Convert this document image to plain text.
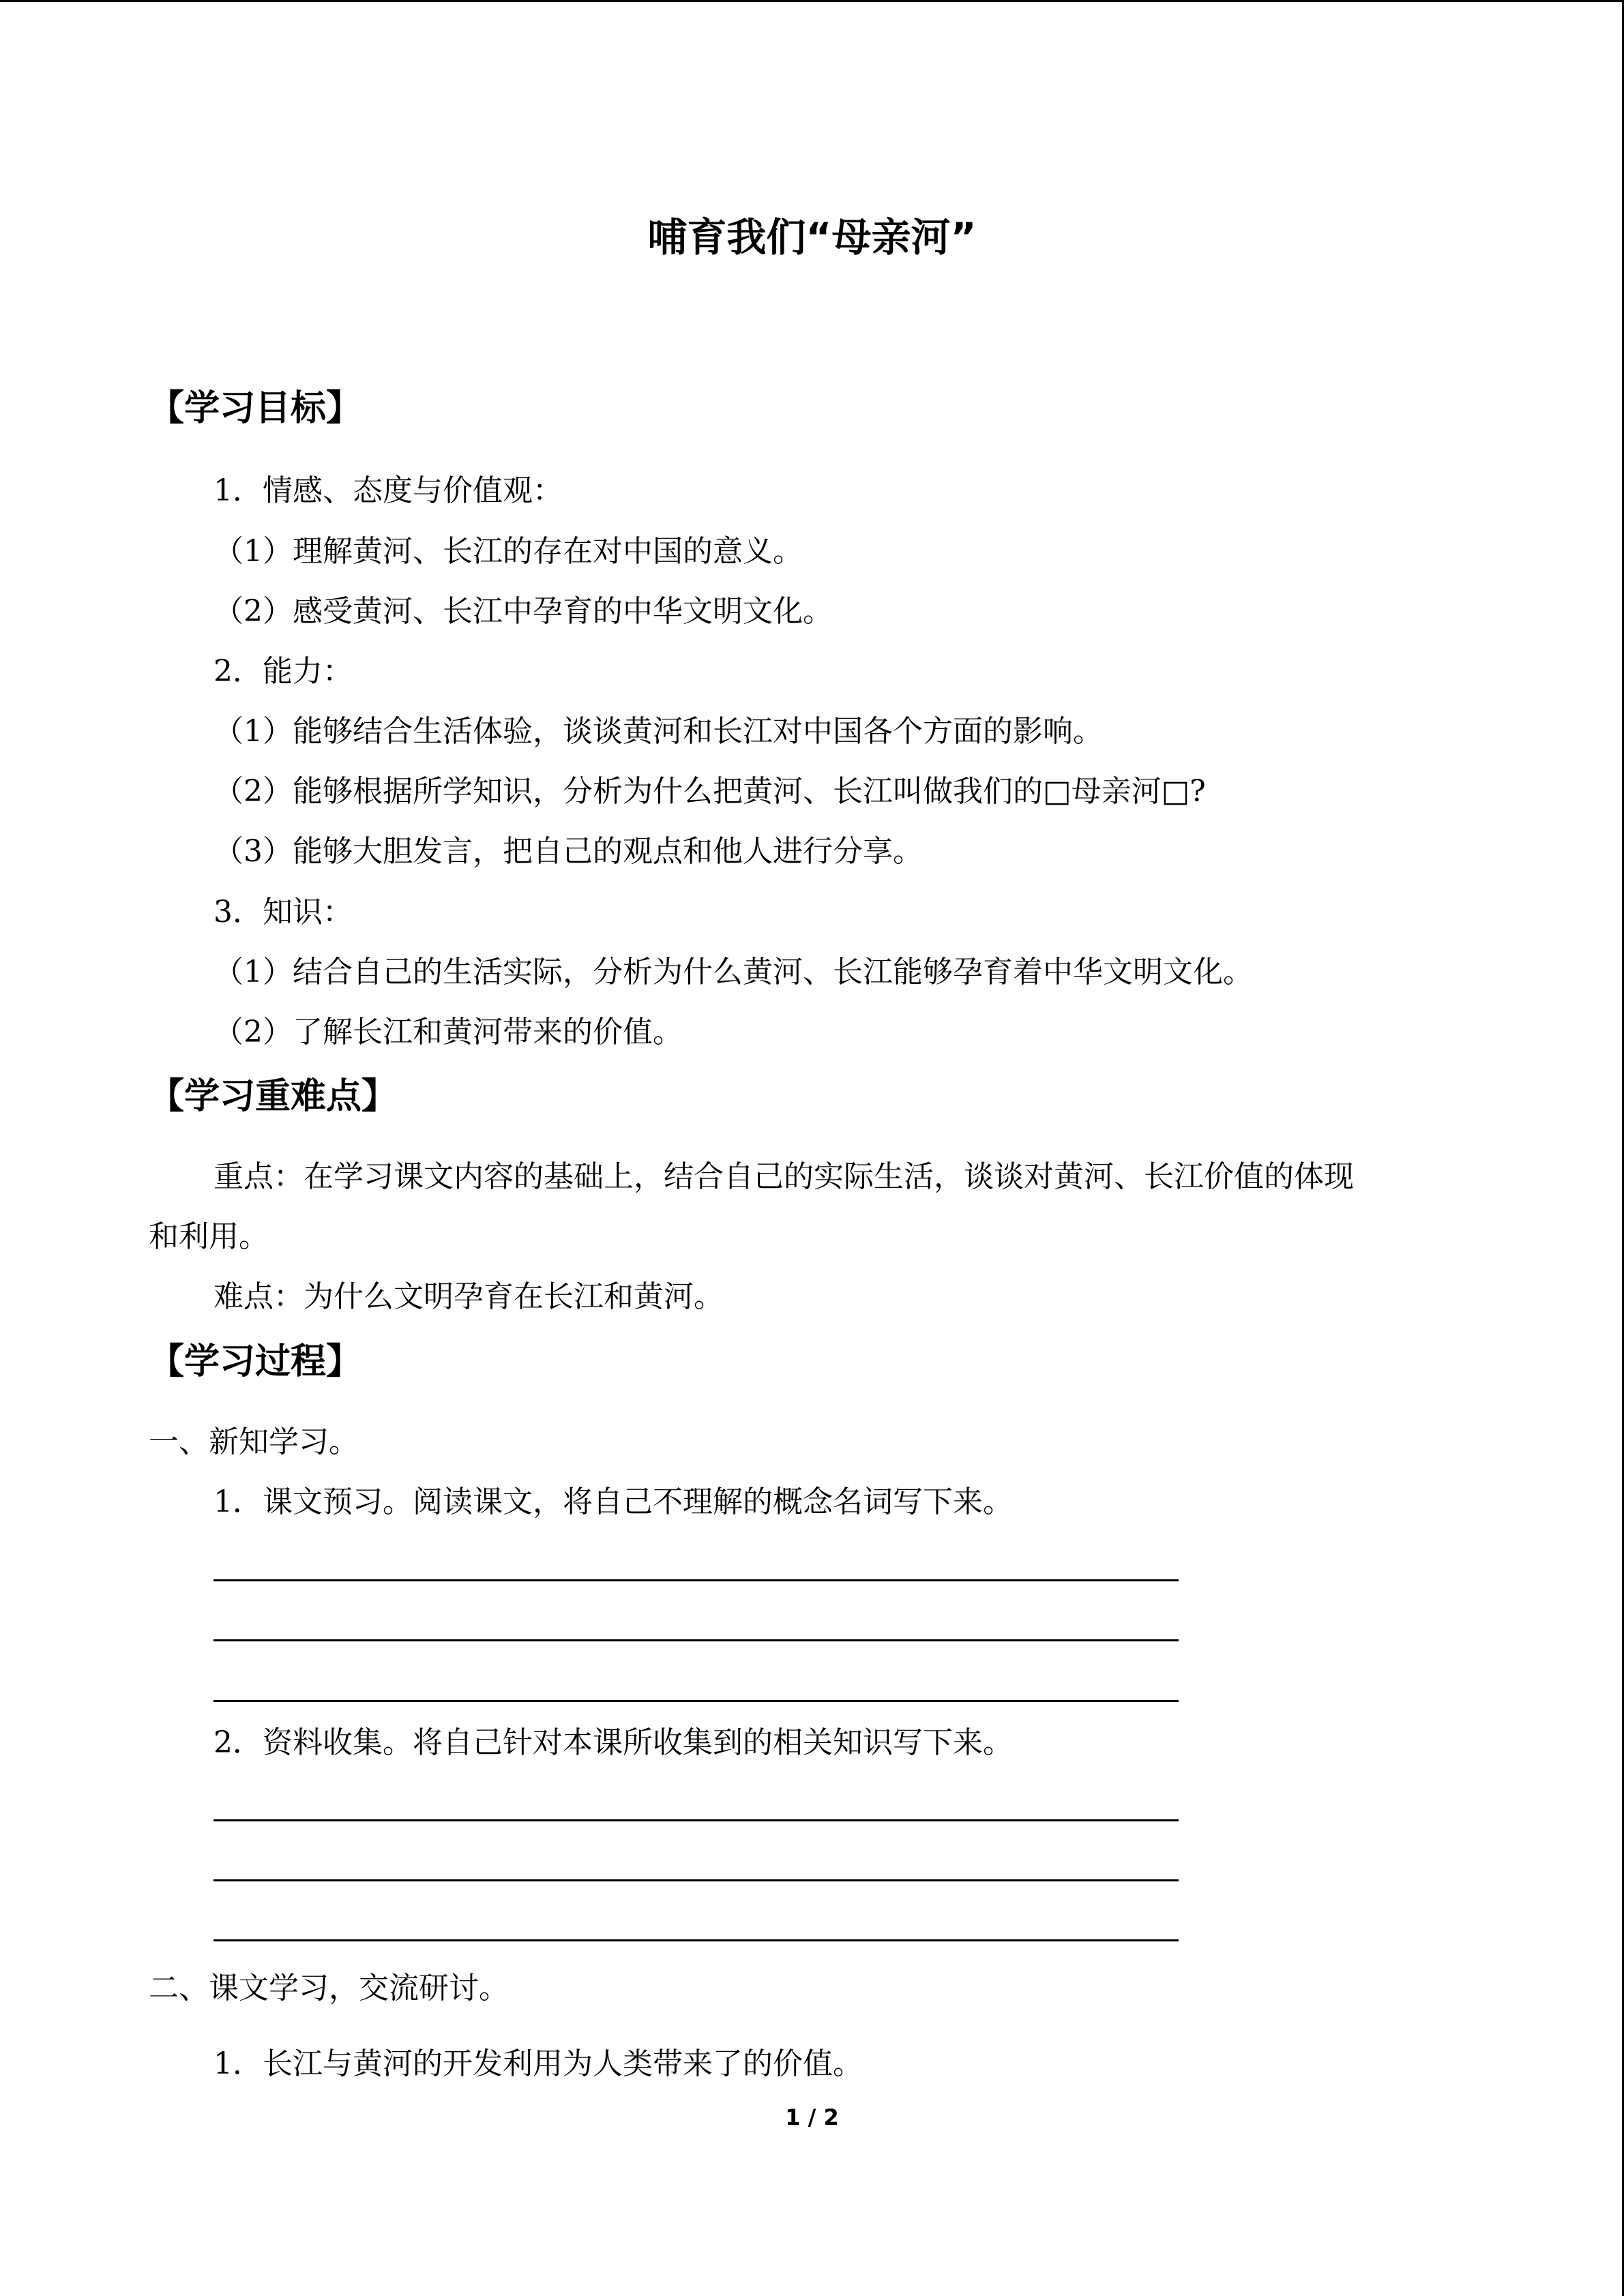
哺育我们“母亲河”
【学习目标】
1．情感、态度与价值观：
（1）理解黄河、长江的存在对中国的意义。
（2）感受黄河、长江中孕育的中华文明文化。
2．能力：
（1）能够结合生活体验，谈谈黄河和长江对中国各个方面的影响。
（2）能够根据所学知识，分析为什么把黄河、长江叫做我们的□母亲河□?
（3）能够大胆发言，把自己的观点和他人进行分享。
3．知识：
（1）结合自己的生活实际，分析为什么黄河、长江能够孕育着中华文明文化。
（2）了解长江和黄河带来的价值。
【学习重难点】
重点：在学习课文内容的基础上，结合自己的实际生活，谈谈对黄河、长江价值的体现
和利用。
难点：为什么文明孕育在长江和黄河。
【学习过程】
一、新知学习。
1．课文预习。阅读课文，将自己不理解的概念名词写下来。
2．资料收集。将自己针对本课所收集到的相关知识写下来。
二、课文学习，交流研讨。
1．长江与黄河的开发利用为人类带来了的价值。
1 / 2
